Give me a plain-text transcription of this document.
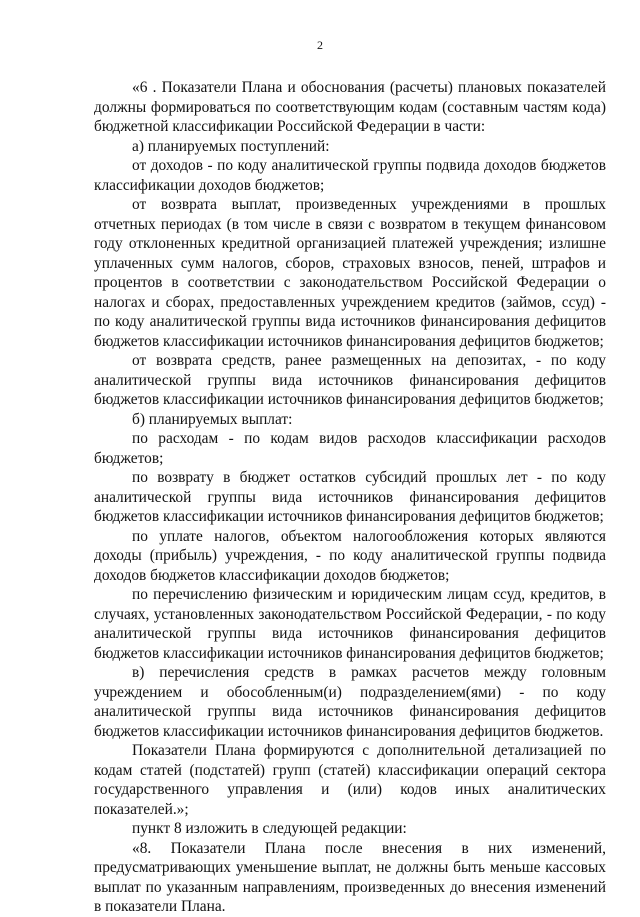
2

«6 . Показатели Плана и обоснования (расчеты) плановых показателей должны формироваться по соответствующим кодам (составным частям кода) бюджетной классификации Российской Федерации в части:

а) планируемых поступлений:

от доходов - по коду аналитической группы подвида доходов бюджетов классификации доходов бюджетов;

от возврата выплат, произведенных учреждениями в прошлых отчетных периодах (в том числе в связи с возвратом в текущем финансовом году отклоненных кредитной организацией платежей учреждения; излишне уплаченных сумм налогов, сборов, страховых взносов, пеней, штрафов и процентов в соответствии с законодательством Российской Федерации о налогах и сборах, предоставленных учреждением кредитов (займов, ссуд) - по коду аналитической группы вида источников финансирования дефицитов бюджетов классификации источников финансирования дефицитов бюджетов;

от возврата средств, ранее размещенных на депозитах, - по коду аналитической группы вида источников финансирования дефицитов бюджетов классификации источников финансирования дефицитов бюджетов;

б) планируемых выплат:

по расходам - по кодам видов расходов классификации расходов бюджетов;

по возврату в бюджет остатков субсидий прошлых лет - по коду аналитической группы вида источников финансирования дефицитов бюджетов классификации источников финансирования дефицитов бюджетов;

по уплате налогов, объектом налогообложения которых являются доходы (прибыль) учреждения, - по коду аналитической группы подвида доходов бюджетов классификации доходов бюджетов;

по перечислению физическим и юридическим лицам ссуд, кредитов, в случаях, установленных законодательством Российской Федерации, - по коду аналитической группы вида источников финансирования дефицитов бюджетов классификации источников финансирования дефицитов бюджетов;

в) перечисления средств в рамках расчетов между головным учреждением и обособленным(и) подразделением(ями) - по коду аналитической группы вида источников финансирования дефицитов бюджетов классификации источников финансирования дефицитов бюджетов.

Показатели Плана формируются с дополнительной детализацией по кодам статей (подстатей) групп (статей) классификации операций сектора государственного управления и (или) кодов иных аналитических показателей.»;

пункт 8 изложить в следующей редакции:

«8. Показатели Плана после внесения в них изменений, предусматривающих уменьшение выплат, не должны быть меньше кассовых выплат по указанным направлениям, произведенных до внесения изменений в показатели Плана.
